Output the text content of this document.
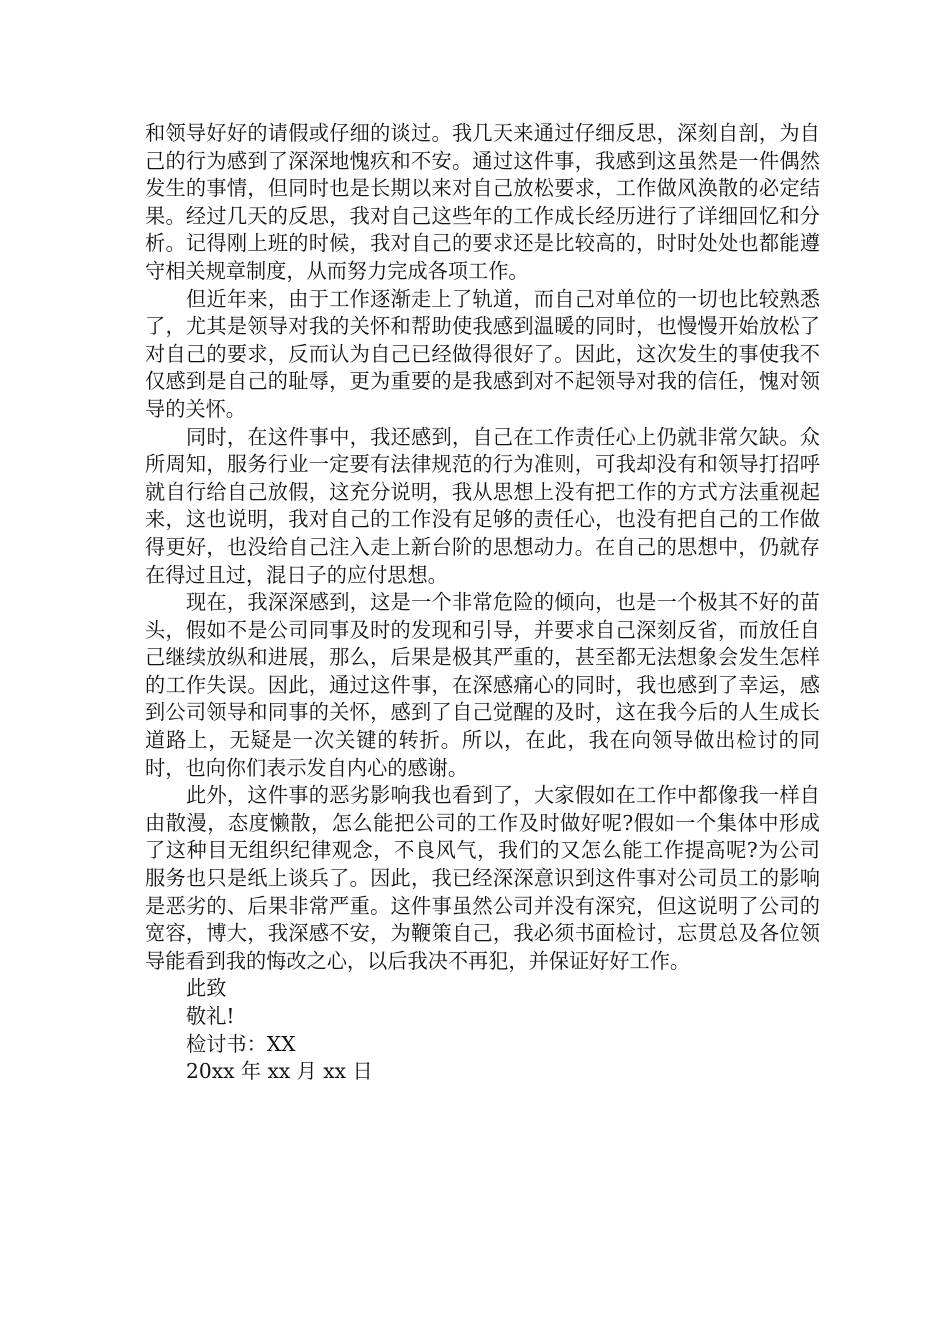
和领导好好的请假或仔细的谈过。我几天来通过仔细反思，深刻自剖，为自己的行为感到了深深地愧疚和不安。通过这件事，我感到这虽然是一件偶然发生的事情，但同时也是长期以来对自己放松要求，工作做风涣散的必定结果。经过几天的反思，我对自己这些年的工作成长经历进行了详细回忆和分析。记得刚上班的时候，我对自己的要求还是比较高的，时时处处也都能遵守相关规章制度，从而努力完成各项工作。

但近年来，由于工作逐渐走上了轨道，而自己对单位的一切也比较熟悉了，尤其是领导对我的关怀和帮助使我感到温暖的同时，也慢慢开始放松了对自己的要求，反而认为自己已经做得很好了。因此，这次发生的事使我不仅感到是自己的耻辱，更为重要的是我感到对不起领导对我的信任，愧对领导的关怀。

同时，在这件事中，我还感到，自己在工作责任心上仍就非常欠缺。众所周知，服务行业一定要有法律规范的行为准则，可我却没有和领导打招呼就自行给自己放假，这充分说明，我从思想上没有把工作的方式方法重视起来，这也说明，我对自己的工作没有足够的责任心，也没有把自己的工作做得更好，也没给自己注入走上新台阶的思想动力。在自己的思想中，仍就存在得过且过，混日子的应付思想。

现在，我深深感到，这是一个非常危险的倾向，也是一个极其不好的苗头，假如不是公司同事及时的发现和引导，并要求自己深刻反省，而放任自己继续放纵和进展，那么，后果是极其严重的，甚至都无法想象会发生怎样的工作失误。因此，通过这件事，在深感痛心的同时，我也感到了幸运，感到公司领导和同事的关怀，感到了自己觉醒的及时，这在我今后的人生成长道路上，无疑是一次关键的转折。所以，在此，我在向领导做出检讨的同时，也向你们表示发自内心的感谢。

此外，这件事的恶劣影响我也看到了，大家假如在工作中都像我一样自由散漫，态度懒散，怎么能把公司的工作及时做好呢?假如一个集体中形成了这种目无组织纪律观念，不良风气，我们的又怎么能工作提高呢?为公司服务也只是纸上谈兵了。因此，我已经深深意识到这件事对公司员工的影响是恶劣的、后果非常严重。这件事虽然公司并没有深究，但这说明了公司的宽容，博大，我深感不安，为鞭策自己，我必须书面检讨，忘贯总及各位领导能看到我的悔改之心，以后我决不再犯，并保证好好工作。

此致

敬礼!

检讨书：XX

20xx 年 xx 月 xx 日
